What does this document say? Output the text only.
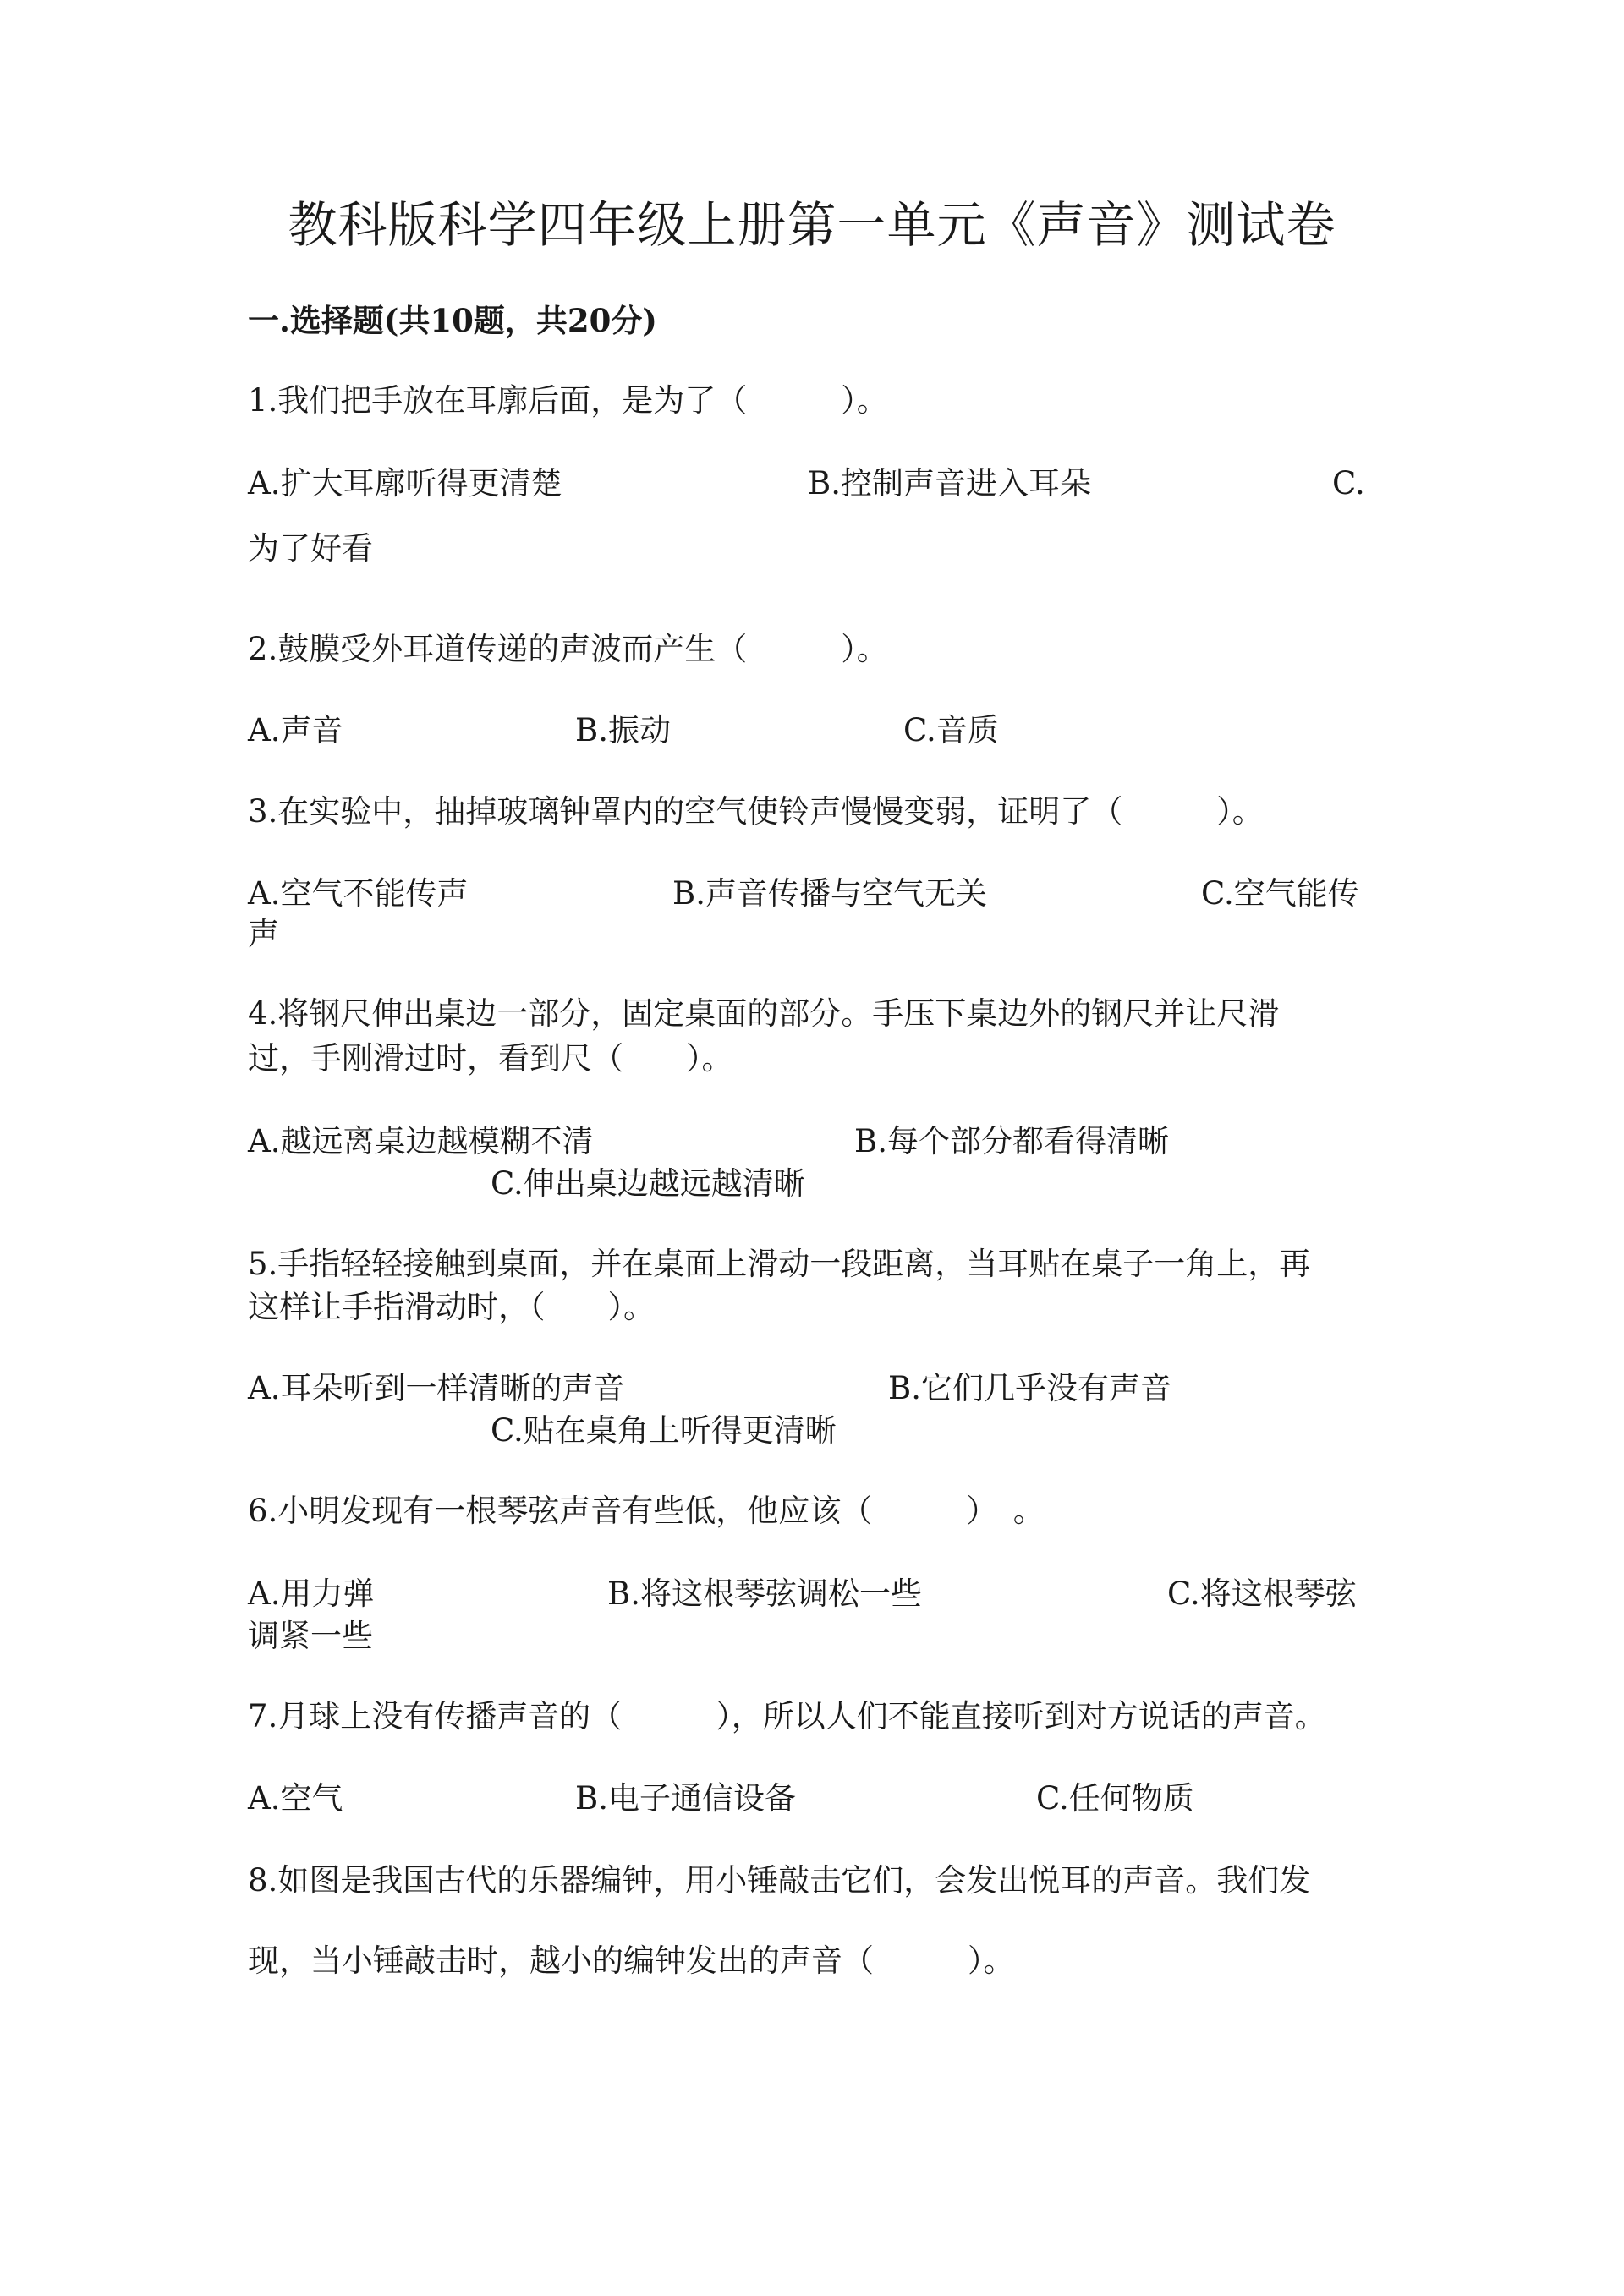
教科版科学四年级上册第一单元《声音》测试卷
一.选择题(共10题，共20分)
1.我们把手放在耳廓后面，是为了（　　　）。
A.扩大耳廓听得更清楚	B.控制声音进入耳朵	C.
为了好看
2.鼓膜受外耳道传递的声波而产生（　　　）。
A.声音	B.振动	C.音质
3.在实验中，抽掉玻璃钟罩内的空气使铃声慢慢变弱，证明了（　　　）。
A.空气不能传声	B.声音传播与空气无关	C.空气能传
声
4.将钢尺伸出桌边一部分，固定桌面的部分。手压下桌边外的钢尺并让尺滑
过，手刚滑过时，看到尺（　　）。
A.越远离桌边越模糊不清	B.每个部分都看得清晰
C.伸出桌边越远越清晰
5.手指轻轻接触到桌面，并在桌面上滑动一段距离，当耳贴在桌子一角上，再
这样让手指滑动时，（　　）。
A.耳朵听到一样清晰的声音	B.它们几乎没有声音
C.贴在桌角上听得更清晰
6.小明发现有一根琴弦声音有些低，他应该（　　　）　。
A.用力弹	B.将这根琴弦调松一些	C.将这根琴弦
调紧一些
7.月球上没有传播声音的（　　　），所以人们不能直接听到对方说话的声音。
A.空气	B.电子通信设备	C.任何物质
8.如图是我国古代的乐器编钟，用小锤敲击它们，会发出悦耳的声音。我们发
现，当小锤敲击时，越小的编钟发出的声音（　　　）。
